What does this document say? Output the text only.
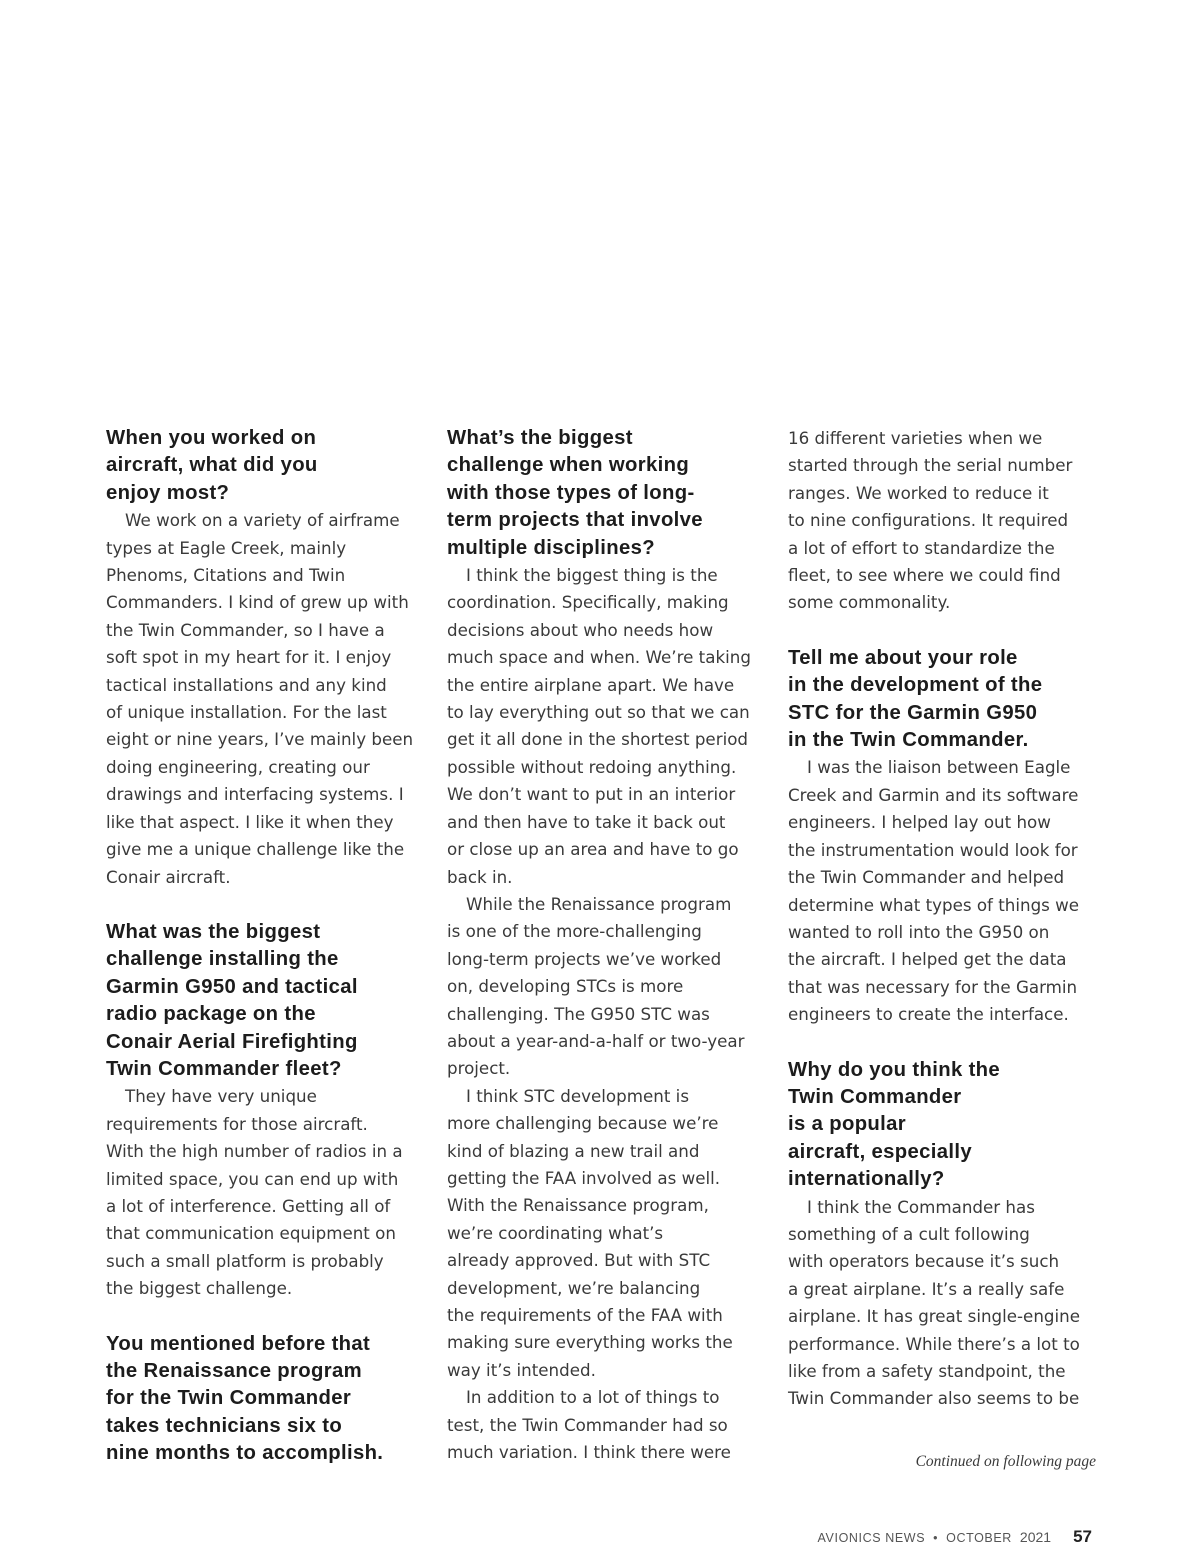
When you worked on
aircraft, what did you
enjoy most?

We work on a variety of airframe
types at Eagle Creek, mainly
Phenoms, Citations and Twin
Commanders. I kind of grew up with
the Twin Commander, so I have a
soft spot in my heart for it. I enjoy
tactical installations and any kind
of unique installation. For the last
eight or nine years, I’ve mainly been
doing engineering, creating our
drawings and interfacing systems. I
like that aspect. I like it when they
give me a unique challenge like the
Conair aircraft.

What was the biggest
challenge installing the
Garmin G950 and tactical
radio package on the
Conair Aerial Firefighting
Twin Commander fleet?

They have very unique
requirements for those aircraft.
With the high number of radios in a
limited space, you can end up with
a lot of interference. Getting all of
that communication equipment on
such a small platform is probably
the biggest challenge.

You mentioned before that
the Renaissance program
for the Twin Commander
takes technicians six to
nine months to accomplish.
What’s the biggest
challenge when working
with those types of long-
term projects that involve
multiple disciplines?

I think the biggest thing is the
coordination. Specifically, making
decisions about who needs how
much space and when. We’re taking
the entire airplane apart. We have
to lay everything out so that we can
get it all done in the shortest period
possible without redoing anything.
We don’t want to put in an interior
and then have to take it back out
or close up an area and have to go
back in.

While the Renaissance program
is one of the more-challenging
long-term projects we’ve worked
on, developing STCs is more
challenging. The G950 STC was
about a year-and-a-half or two-year
project.

I think STC development is
more challenging because we’re
kind of blazing a new trail and
getting the FAA involved as well.
With the Renaissance program,
we’re coordinating what’s
already approved. But with STC
development, we’re balancing
the requirements of the FAA with
making sure everything works the
way it’s intended.

In addition to a lot of things to
test, the Twin Commander had so
much variation. I think there were

16 different varieties when we
started through the serial number
ranges. We worked to reduce it
to nine configurations. It required
a lot of effort to standardize the
fleet, to see where we could find
some commonality.

Tell me about your role
in the development of the
STC for the Garmin G950
in the Twin Commander.

I was the liaison between Eagle
Creek and Garmin and its software
engineers. I helped lay out how
the instrumentation would look for
the Twin Commander and helped
determine what types of things we
wanted to roll into the G950 on
the aircraft. I helped get the data
that was necessary for the Garmin
engineers to create the interface.

Why do you think the
Twin Commander
is a popular
aircraft, especially
internationally?

I think the Commander has
something of a cult following
with operators because it’s such
a great airplane. It’s a really safe
airplane. It has great single-engine
performance. While there’s a lot to
like from a safety standpoint, the
Twin Commander also seems to be

Continued on following page
AVIONICS NEWS • OCTOBER 2021 57
